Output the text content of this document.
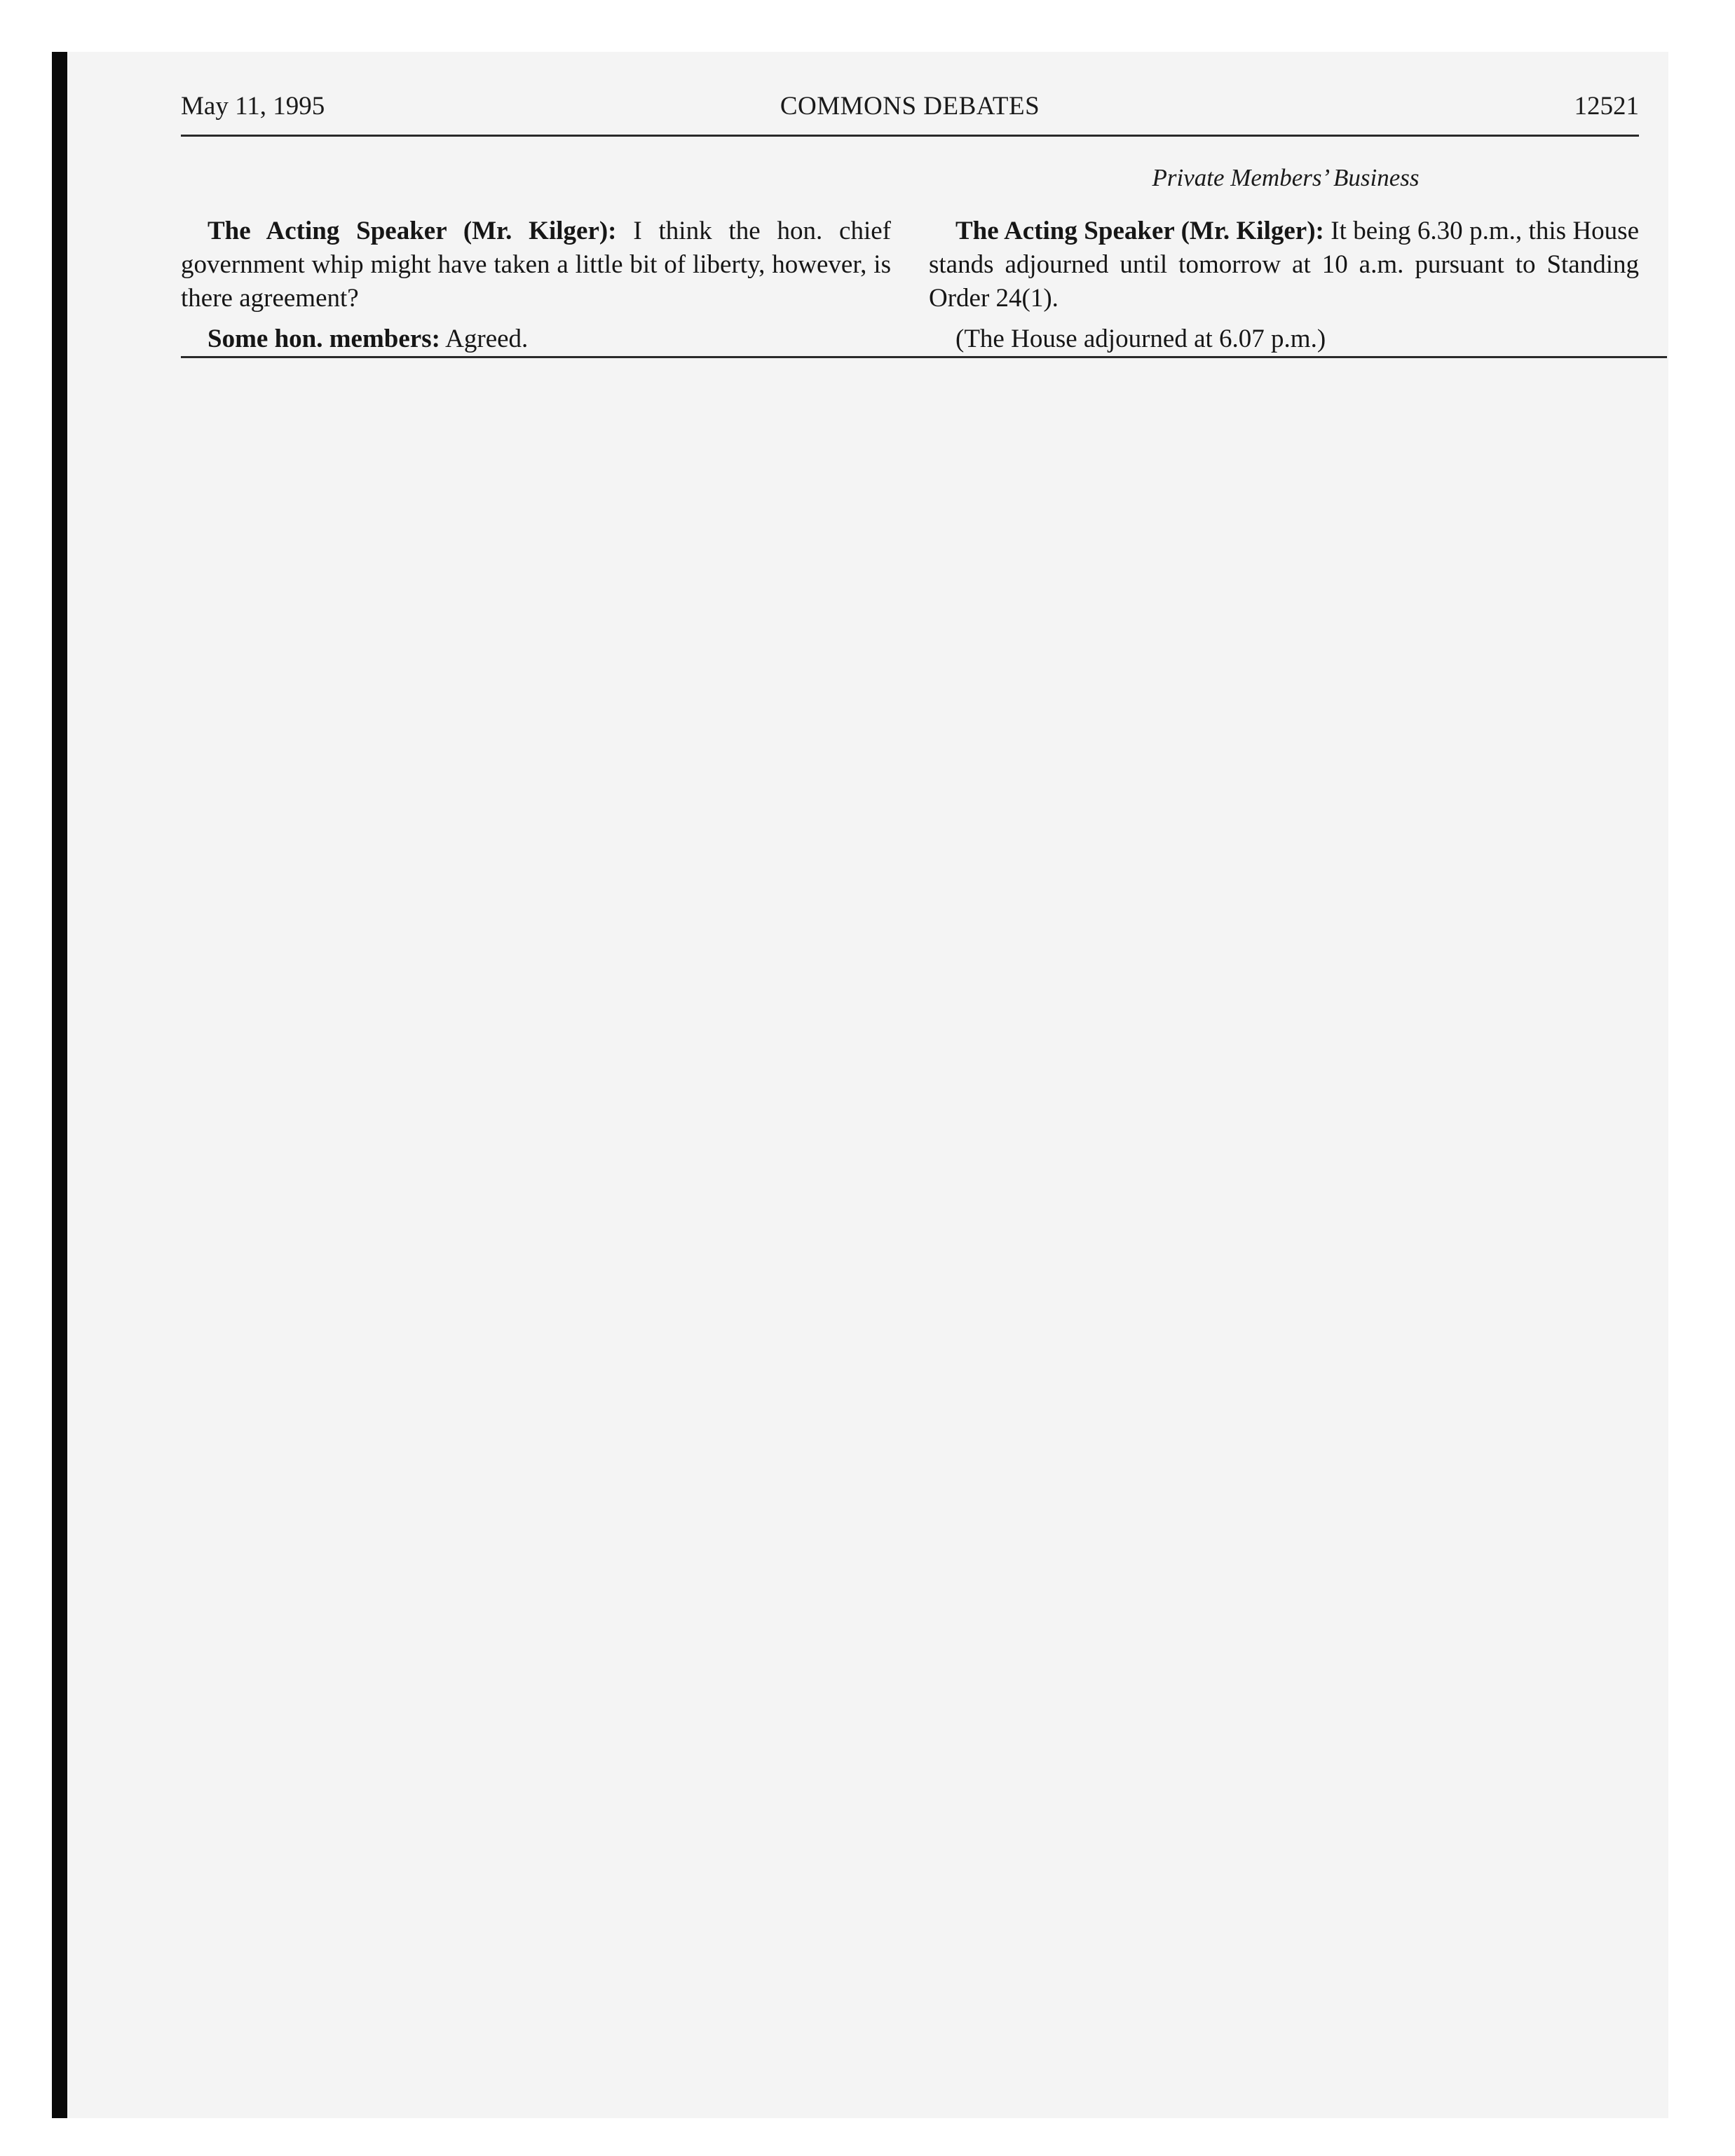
May 11, 1995	COMMONS DEBATES	12521
Private Members’ Business

The Acting Speaker (Mr. Kilger): I think the hon. chief government whip might have taken a little bit of liberty, however, is there agreement?

Some hon. members: Agreed.

The Acting Speaker (Mr. Kilger): It being 6.30 p.m., this House stands adjourned until tomorrow at 10 a.m. pursuant to Standing Order 24(1).

(The House adjourned at 6.07 p.m.)
